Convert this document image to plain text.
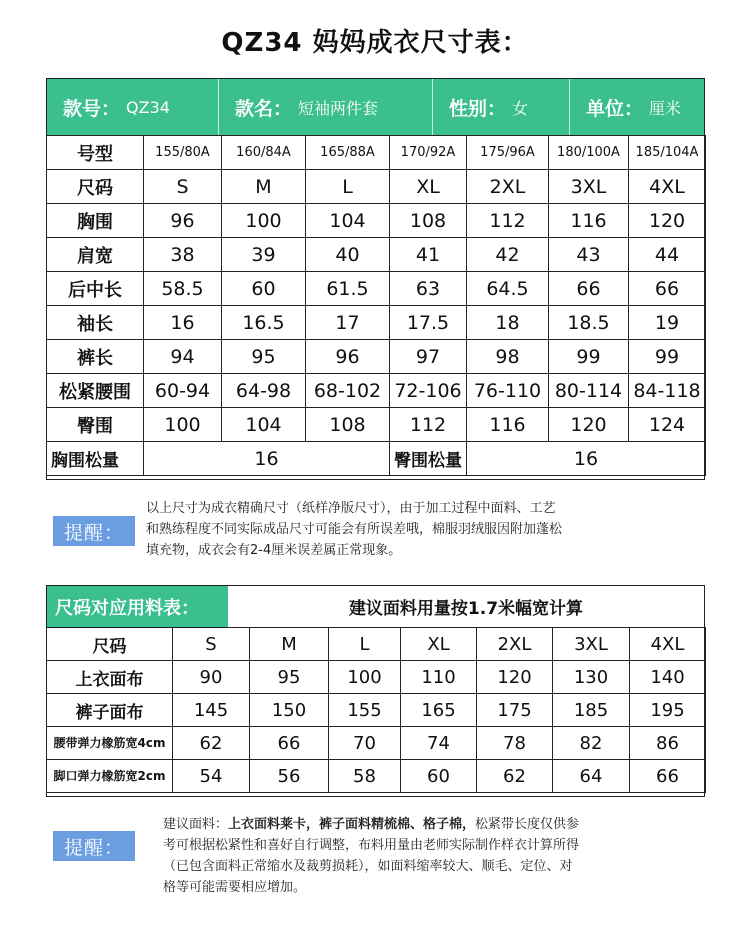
QZ34 妈妈成衣尺寸表：
款号： QZ34	款名： 短袖两件套	性别： 女	单位： 厘米
号型	155/80A	160/84A	165/88A	170/92A	175/96A	180/100A	185/104A
尺码	S	M	L	XL	2XL	3XL	4XL
胸围	96	100	104	108	112	116	120
肩宽	38	39	40	41	42	43	44
后中长	58.5	60	61.5	63	64.5	66	66
袖长	16	16.5	17	17.5	18	18.5	19
裤长	94	95	96	97	98	99	99
松紧腰围	60-94	64-98	68-102	72-106	76-110	80-114	84-118
臀围	100	104	108	112	116	120	124
胸围松量	16			臀围松量	16		
提醒：
以上尺寸为成衣精确尺寸（纸样净版尺寸），由于加工过程中面料、工艺
和熟练程度不同实际成品尺寸可能会有所误差哦，棉服羽绒服因附加蓬松
填充物，成衣会有2-4厘米误差属正常现象。
尺码对应用料表：	建议面料用量按1.7米幅宽计算
尺码	S	M	L	XL	2XL	3XL	4XL
上衣面布	90	95	100	110	120	130	140
裤子面布	145	150	155	165	175	185	195
腰带弹力橡筋宽4cm	62	66	70	74	78	82	86
脚口弹力橡筋宽2cm	54	56	58	60	62	64	66
提醒：
建议面料：上衣面料莱卡，裤子面料精梳棉、格子棉，松紧带长度仅供参
考可根据松紧性和喜好自行调整，布料用量由老师实际制作样衣计算所得
（已包含面料正常缩水及裁剪损耗），如面料缩率较大、顺毛、定位、对
格等可能需要相应增加。
